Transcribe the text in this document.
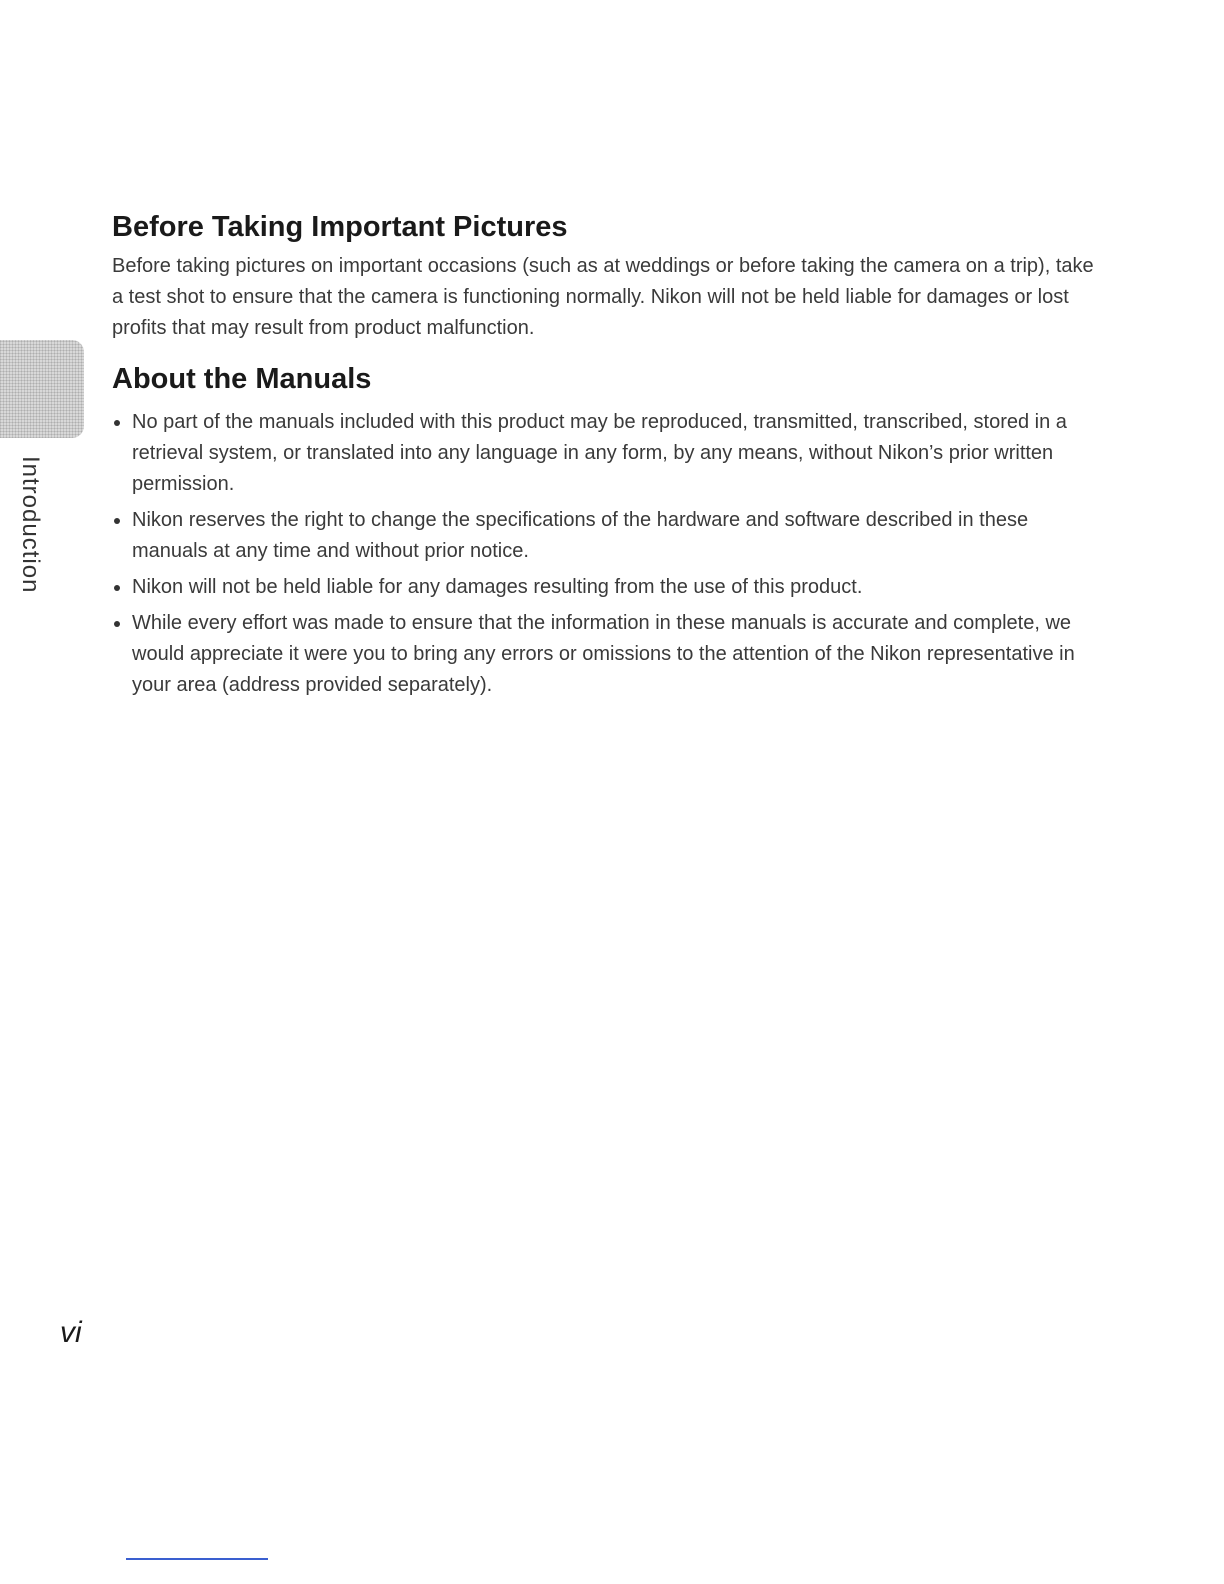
Introduction
Before Taking Important Pictures

Before taking pictures on important occasions (such as at weddings or before taking the camera on a trip), take a test shot to ensure that the camera is functioning normally. Nikon will not be held liable for damages or lost profits that may result from product malfunction.

About the Manuals
No part of the manuals included with this product may be reproduced, transmitted, transcribed, stored in a retrieval system, or translated into any language in any form, by any means, without Nikon’s prior written permission.
Nikon reserves the right to change the specifications of the hardware and software described in these manuals at any time and without prior notice.
Nikon will not be held liable for any damages resulting from the use of this product.
While every effort was made to ensure that the information in these manuals is accurate and complete, we would appreciate it were you to bring any errors or omissions to the attention of the Nikon representative in your area (address provided separately).
vi
